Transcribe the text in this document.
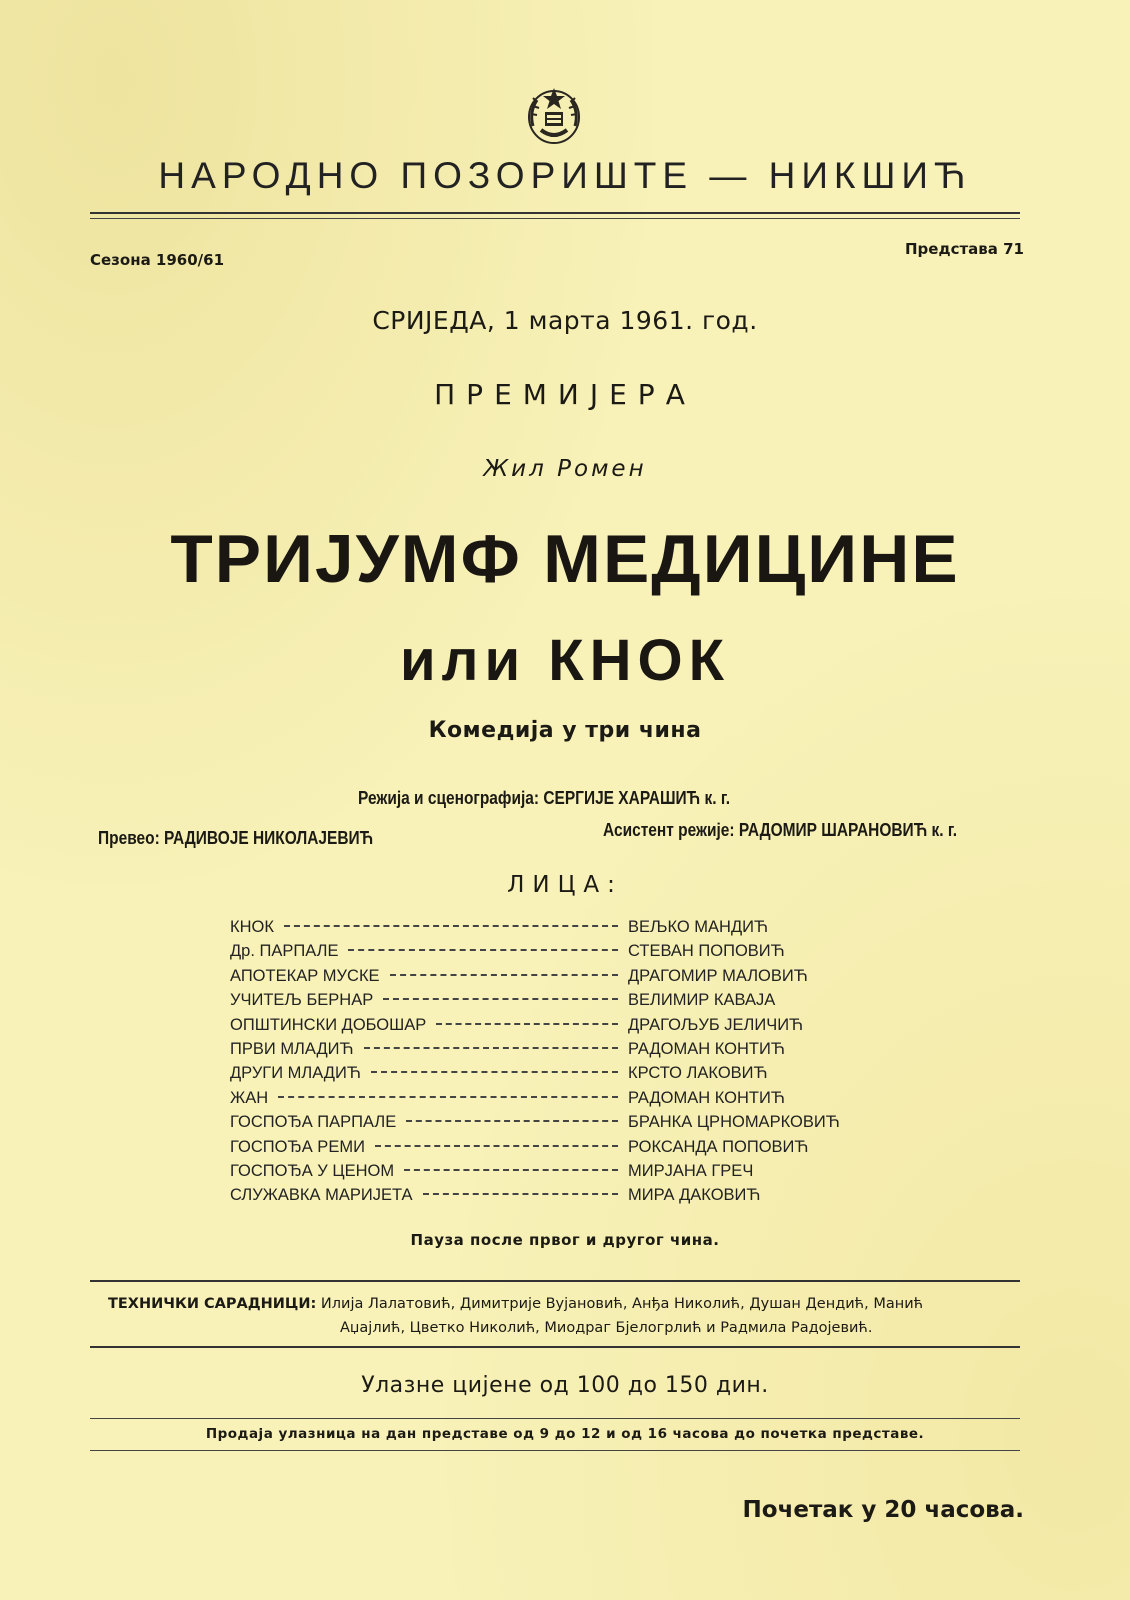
НАРОДНО ПОЗОРИШТЕ — НИКШИЋ
Сезона 1960/61
Представа 71
СРИЈЕДА, 1 марта 1961. год.
ПРЕМИЈЕРА
Жил Ромен
ТРИЈУМФ МЕДИЦИНЕ
или КНОК
Комедија у три чина
Режија и сценографија: СЕРГИЈЕ ХАРАШИЋ к. г.
Превео: РАДИВОЈЕ НИКОЛАЈЕВИЋ	Асистент режије: РАДОМИР ШАРАНОВИЋ к. г.
ЛИЦА:
КНОК	ВЕЉКО МАНДИЋ
Др. ПАРПАЛЕ	СТЕВАН ПОПОВИЋ
АПОТЕКАР МУСКЕ	ДРАГОМИР МАЛОВИЋ
УЧИТЕЉ БЕРНАР	ВЕЛИМИР КАВАЈА
ОПШТИНСКИ ДОБОШАР	ДРАГОЉУБ ЈЕЛИЧИЋ
ПРВИ МЛАДИЋ	РАДОМАН КОНТИЋ
ДРУГИ МЛАДИЋ	КРСТО ЛАКОВИЋ
ЖАН	РАДОМАН КОНТИЋ
ГОСПОЂА ПАРПАЛЕ	БРАНКА ЦРНОМАРКОВИЋ
ГОСПОЂА РЕМИ	РОКСАНДА ПОПОВИЋ
ГОСПОЂА У ЦЕНОМ	МИРЈАНА ГРЕЧ
СЛУЖАВКА МАРИЈЕТА	МИРА ДАКОВИЋ
Пауза после првог и другог чина.
ТЕХНИЧКИ САРАДНИЦИ: Илија Лалатовић, Димитрије Вујановић, Анђа Николић, Душан Дендић, Манић
Аџајлић, Цветко Николић, Миодраг Бјелогрлић и Радмила Радојевић.
Улазне цијене од 100 до 150 дин.
Продаја улазница на дан представе од 9 до 12 и од 16 часова до почетка представе.
Почетак у 20 часова.
